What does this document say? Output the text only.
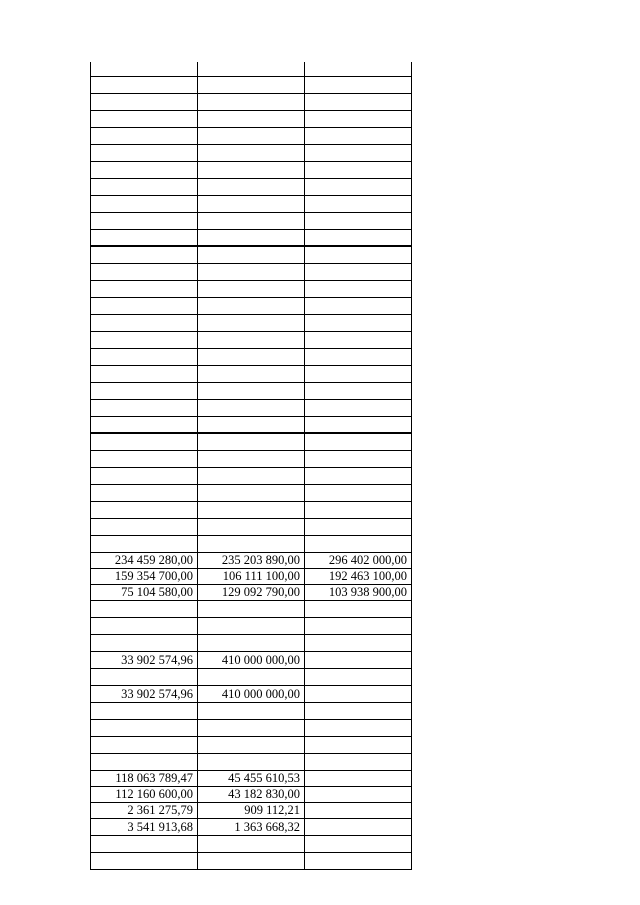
234 459 280,00	235 203 890,00	296 402 000,00
159 354 700,00	106 111 100,00	192 463 100,00
75 104 580,00	129 092 790,00	103 938 900,00
33 902 574,96	410 000 000,00
33 902 574,96	410 000 000,00
118 063 789,47	45 455 610,53
112 160 600,00	43 182 830,00
2 361 275,79	909 112,21
3 541 913,68	1 363 668,32
